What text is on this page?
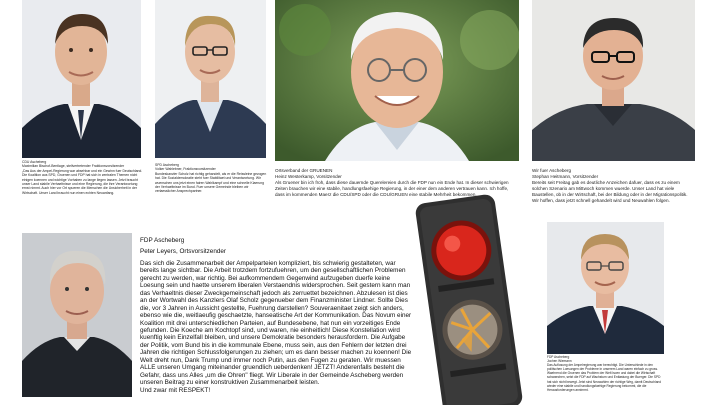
CDU Ascheberg
Maximilian Bischof-Bentlage, stellvertretender Fraktionsvorsitzender
„Das Aus der Ampel-Regierung war absehbar und ein Gewinn fuer Deutschland. Die Koalition aus SPD, Gruenen und FDP hat sich in zentralen Themen nicht einigen koennen und wichtige Vorhaben zu lange liegen lassen. Jetzt braucht unser Land stabile Verhaeltnisse und eine Regierung, die ihre Verantwortung ernst nimmt. Auch hier vor Ort spueren die Menschen die Unsicherheit in der Wirtschaft. Unser Land braucht nun einen echten Neuanfang.
SPD Ascheberg
Volker Wahlebner, Fraktionsvorsitzender
Bundeskanzler Scholz hat richtig gehandelt, als er die Reissleine gezogen hat. Die Sozialdemokratie steht fuer Stabilitaet und Verantwortung. Wir wuenschen uns jetzt einen fairen Wahlkampf und eine schnelle Klaerung der Verhaeltnisse im Bund. Fuer unsere Gemeinde bleiben wir verlaesslicher Ansprechpartner.
Ortsverband der GRUENEN
Heinz Westerkamp, Vorsitzender
Als Gruener bin ich froh, dass diese dauernde Querelereien durch die FDP nun ein Ende hat. In dieser schwierigen Zeiten brauchen wir eine stabile, handlungsfaehige Regierung, in der einer dem anderen vertrauen kann. Ich hoffe, dass im kommenden Maerz die CDU/SPD oder die CDU/GRUEN eine stabile Mehrheit bekommen.
Wir fuer Ascheberg
Stephan Heitmann, Vorsitzender
Bereits seit Freitag gab es deutliche Anzeichen dafuer, dass es zu einem solchen Szenario am Mittwoch kommen wuerde. Unser Land hat viele Baustellen, ob in der Wirtschaft, bei der Bildung oder in der Migrationspolitik. Wir hoffen, dass jetzt schnell gehandelt wird und Neuwahlen folgen.
FDP Ascheberg
Peter Leyers, Ortsvorsitzender

Das sich die Zusammenarbeit der Ampelparteien kompliziert, bis schwierig gestalteten, war bereits lange sichtbar. Die Arbeit trotzdem fortzufuehren, um den gesellschaftlichen Problemen gerecht zu werden, war richtig. Bei aufkommendem Gegenwind aufzugeben duerfe keine Loesung sein und haette unserem liberalen Verstaendnis widersprochen. Seit gestern kann man das Verhaeltnis dieser Zweckgemeinschaft jedoch als zerruettet bezeichnen. Abzulesen ist dies an der Wortwahl des Kanzlers Olaf Scholz gegenueber dem Finanzminister Lindner. Sollte Dies die, vor 3 Jahren in Aussicht gestellte, Fuehrung darstellen? Souveraenitaet zeigt sich anders, ebenso wie die, weitlaeufig geschaetzte, hanseatische Art der Kommunikation. Das Novum einer Koalition mit drei unterschiedlichen Parteien, auf Bundesebene, hat nun ein vorzeitiges Ende gefunden. Die Koeche am Kochtopf sind, und waren, nie einheitlich! Diese Konstellation wird kuenftig kein Einzelfall bleiben, und unsere Demokratie besonders herausfordern. Die Aufgabe der Politik, vom Bund bis in die kommunale Ebene, muss sein, aus den Fehlern der letzten drei Jahren die richtigen Schlussfolgerungen zu ziehen; um es dann besser machen zu koennen! Die Welt dreht nun, Dank Trump und immer noch Putin, aus den Fugen zu geraten. Wir muessen ALLE unseren Umgang miteinander gruendlich ueberdenken! JETZT! Anderenfalls besteht die Gefahr, dass uns Alles „um die Ohren" fliegt. Wir Liberale in der Gemeinde Ascheberg werden unseren Beitrag zu einer konstruktiven Zusammenarbeit leisten.

Und zwar mit RESPEKT!

FDP Ascheberg
Jochen Wiemann
Das Auflosung der Ampelregierung war berechtigt. Die Unterschiede in den politischen Loesungen der Probleme in unserem Land waren einfach zu gross. Waehrend die Gruenen das Problem der Welt lsoen und dabei die Wirtschaft schwaechen, setzt die FDP auf Wachstum und Entlastung der Buerger. Die SPD hat sich nicht bewegt. Jetzt sind Neuwahlen der richtige Weg, damit Deutschland wieder eine stabile und handlungsfaehige Regierung bekommt, die die Herausforderungen annimmt.
